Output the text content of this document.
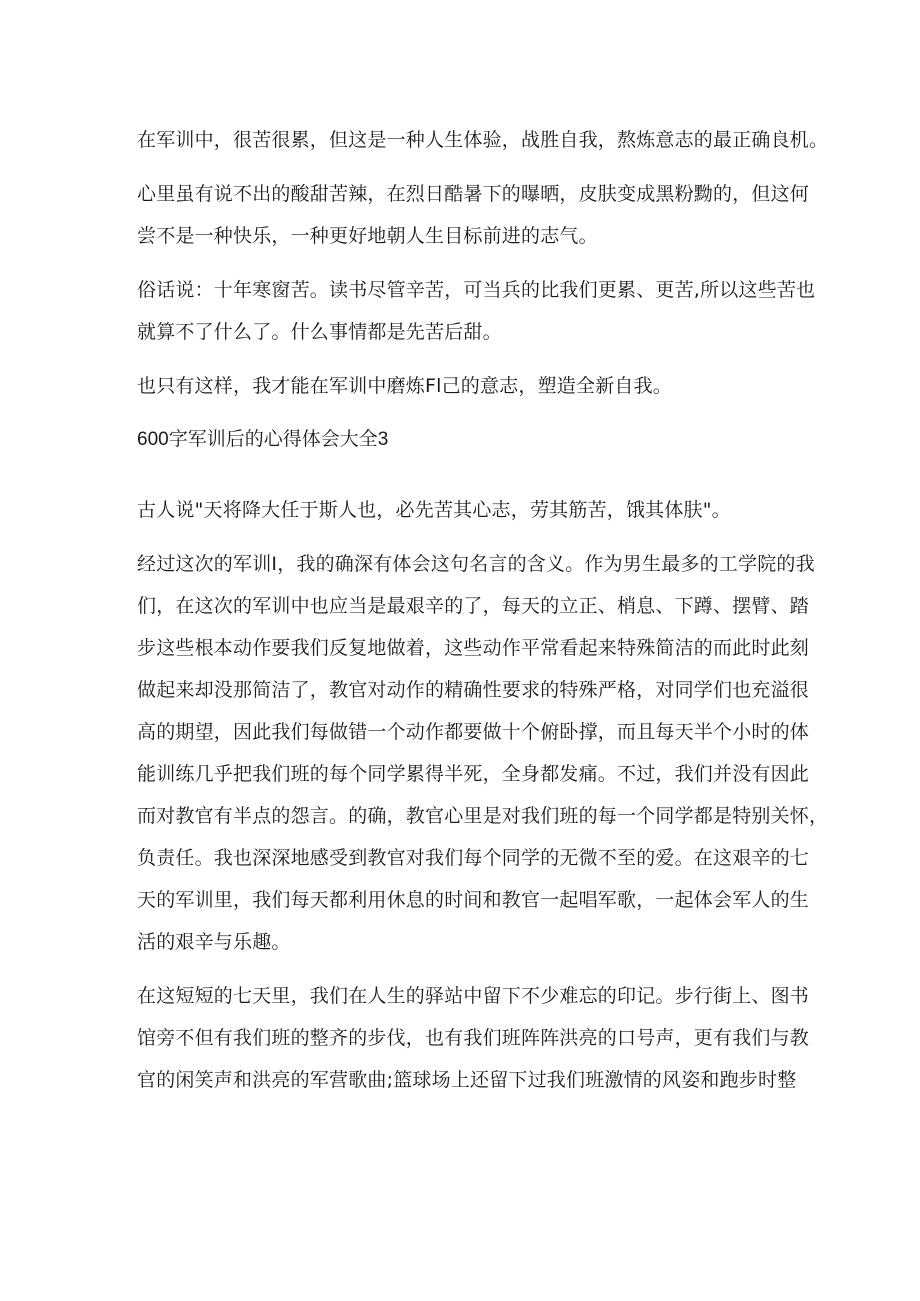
在军训中，很苦很累，但这是一种人生体验，战胜自我，熬炼意志的最正确良机。
心里虽有说不出的酸甜苦辣，在烈日酷暑下的曝晒，皮肤变成黑粉黝的，但这何
尝不是一种快乐，一种更好地朝人生目标前进的志气。
俗话说：十年寒窗苦。读书尽管辛苦，可当兵的比我们更累、更苦,所以这些苦也
就算不了什么了。什么事情都是先苦后甜。
也只有这样，我才能在军训中磨炼Fl己的意志，塑造全新自我。
600字军训后的心得体会大全3
古人说"天将降大任于斯人也，必先苦其心志，劳其筋苦，饿其体肤"。
经过这次的军训I，我的确深有体会这句名言的含义。作为男生最多的工学院的我
们，在这次的军训中也应当是最艰辛的了，每天的立正、梢息、下蹲、摆臂、踏
步这些根本动作要我们反复地做着，这些动作平常看起来特殊简洁的而此时此刻
做起来却没那简洁了，教官对动作的精确性要求的特殊严格，对同学们也充溢很
高的期望，因此我们每做错一个动作都要做十个俯卧撑，而且每天半个小时的体
能训练几乎把我们班的每个同学累得半死，全身都发痛。不过，我们并没有因此
而对教官有半点的怨言。的确，教官心里是对我们班的每一个同学都是特别关怀，
负责任。我也深深地感受到教官对我们每个同学的无微不至的爱。在这艰辛的七
天的军训里，我们每天都利用休息的时间和教官一起唱军歌，一起体会军人的生
活的艰辛与乐趣。
在这短短的七天里，我们在人生的驿站中留下不少难忘的印记。步行街上、图书
馆旁不但有我们班的整齐的步伐，也有我们班阵阵洪亮的口号声，更有我们与教
官的闲笑声和洪亮的军营歌曲;篮球场上还留下过我们班激情的风姿和跑步时整
